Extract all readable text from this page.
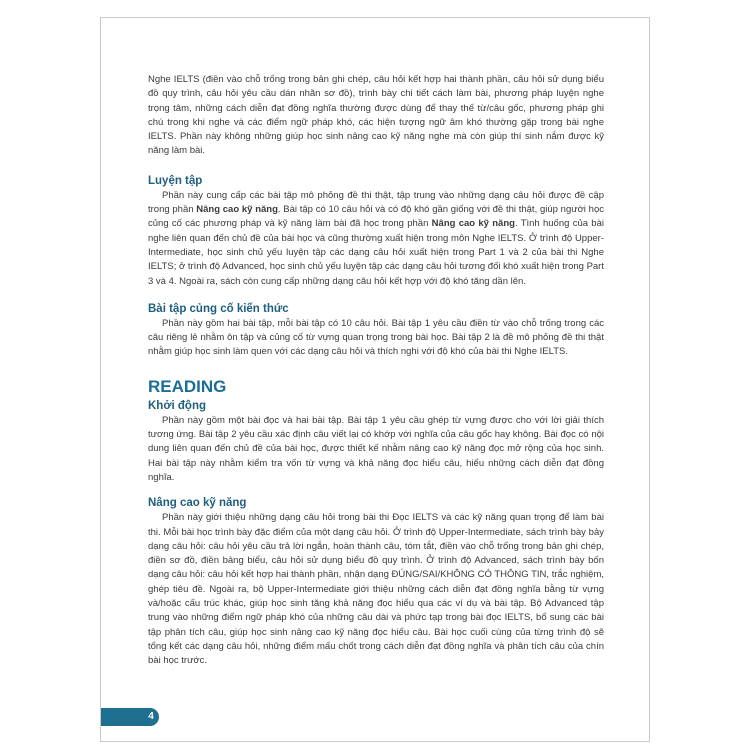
Nghe IELTS (điền vào chỗ trống trong bản ghi chép, câu hỏi kết hợp hai thành phần, câu hỏi sử dụng biểu đồ quy trình, câu hỏi yêu cầu dán nhãn sơ đồ), trình bày chi tiết cách làm bài, phương pháp luyện nghe trọng tâm, những cách diễn đạt đồng nghĩa thường được dùng để thay thế từ/câu gốc, phương pháp ghi chú trong khi nghe và các điểm ngữ pháp khó, các hiện tượng ngữ âm khó thường gặp trong bài nghe IELTS. Phần này không những giúp học sinh nâng cao kỹ năng nghe mà còn giúp thí sinh nắm được kỹ năng làm bài.

Luyện tập

Phần này cung cấp các bài tập mô phỏng đề thi thật, tập trung vào những dạng câu hỏi được đề cập trong phần Nâng cao kỹ năng. Bài tập có 10 câu hỏi và có độ khó gần giống với đề thi thật, giúp người học củng cố các phương pháp và kỹ năng làm bài đã học trong phần Nâng cao kỹ năng. Tình huống của bài nghe liên quan đến chủ đề của bài học và cũng thường xuất hiện trong môn Nghe IELTS. Ở trình độ Upper-Intermediate, học sinh chủ yếu luyện tập các dạng câu hỏi xuất hiện trong Part 1 và 2 của bài thi Nghe IELTS; ở trình độ Advanced, học sinh chủ yếu luyện tập các dạng câu hỏi tương đối khó xuất hiện trong Part 3 và 4. Ngoài ra, sách còn cung cấp những dạng câu hỏi kết hợp với độ khó tăng dần lên.

Bài tập củng cố kiến thức

Phần này gồm hai bài tập, mỗi bài tập có 10 câu hỏi. Bài tập 1 yêu cầu điền từ vào chỗ trống trong các câu riêng lẻ nhằm ôn tập và củng cố từ vựng quan trọng trong bài học. Bài tập 2 là đề mô phỏng đề thi thật nhằm giúp học sinh làm quen với các dạng câu hỏi và thích nghi với độ khó của bài thi Nghe IELTS.

READING
Khởi động

Phần này gồm một bài đọc và hai bài tập. Bài tập 1 yêu cầu ghép từ vựng được cho với lời giải thích tương ứng. Bài tập 2 yêu cầu xác định câu viết lại có khớp với nghĩa của câu gốc hay không. Bài đọc có nội dung liên quan đến chủ đề của bài học, được thiết kế nhằm nâng cao kỹ năng đọc mở rộng của học sinh. Hai bài tập này nhằm kiểm tra vốn từ vựng và khả năng đọc hiểu câu, hiểu những cách diễn đạt đồng nghĩa.

Nâng cao kỹ năng

Phần này giới thiệu những dạng câu hỏi trong bài thi Đọc IELTS và các kỹ năng quan trọng để làm bài thi. Mỗi bài học trình bày đặc điểm của một dạng câu hỏi. Ở trình độ Upper-Intermediate, sách trình bày bảy dạng câu hỏi: câu hỏi yêu cầu trả lời ngắn, hoàn thành câu, tóm tắt, điền vào chỗ trống trong bản ghi chép, điền sơ đồ, điền bảng biểu, câu hỏi sử dụng biểu đồ quy trình. Ở trình độ Advanced, sách trình bày bốn dạng câu hỏi: câu hỏi kết hợp hai thành phần, nhận dạng ĐÚNG/SAI/KHÔNG CÓ THÔNG TIN, trắc nghiệm, ghép tiêu đề. Ngoài ra, bộ Upper-Intermediate giới thiệu những cách diễn đạt đồng nghĩa bằng từ vựng và/hoặc cấu trúc khác, giúp học sinh tăng khả năng đọc hiểu qua các ví dụ và bài tập. Bộ Advanced tập trung vào những điểm ngữ pháp khó của những câu dài và phức tạp trong bài đọc IELTS, bổ sung các bài tập phân tích câu, giúp học sinh nâng cao kỹ năng đọc hiểu câu. Bài học cuối cùng của từng trình độ sẽ tổng kết các dạng câu hỏi, những điểm mấu chốt trong cách diễn đạt đồng nghĩa và phân tích câu của chín bài học trước.

4
